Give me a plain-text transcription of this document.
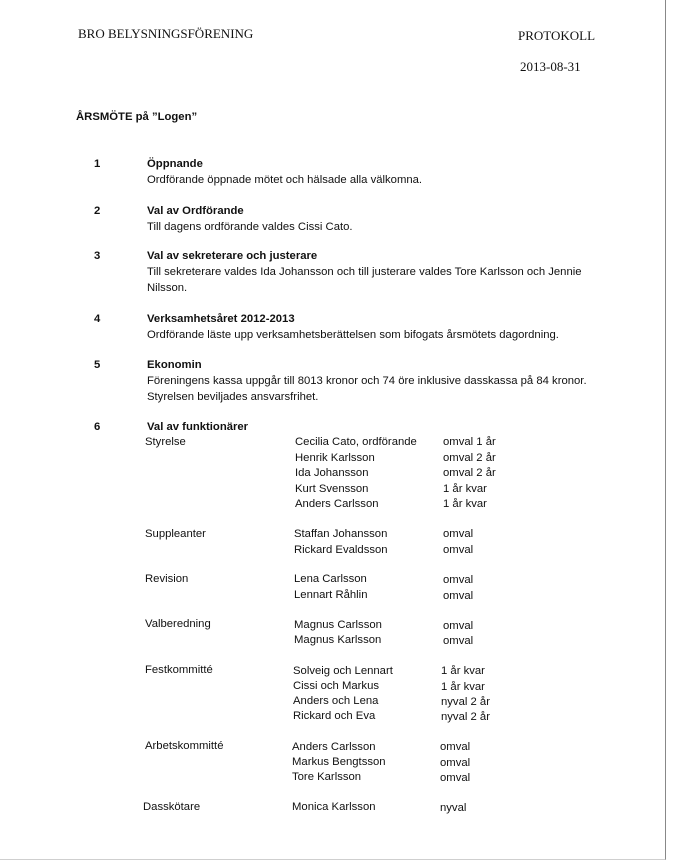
BRO BELYSNINGSFÖRENING	PROTOKOLL
2013-08-31
ÅRSMÖTE på ”Logen”
1	Öppnande
Ordförande öppnade mötet och hälsade alla välkomna.
2	Val av Ordförande
Till dagens ordförande valdes Cissi Cato.
3	Val av sekreterare och justerare
Till sekreterare valdes Ida Johansson och till justerare valdes Tore Karlsson och Jennie
Nilsson.
4	Verksamhetsåret 2012-2013
Ordförande läste upp verksamhetsberättelsen som bifogats årsmötets dagordning.
5	Ekonomin
Föreningens kassa uppgår till 8013 kronor och 74 öre inklusive dasskassa på 84 kronor.
Styrelsen beviljades ansvarsfrihet.
6	Val av funktionärer
Styrelse	Cecilia Cato, ordförande omval 1 år
Henrik Karlsson	omval 2 år
Ida Johansson	omval 2 år
Kurt Svensson	1 år kvar
Anders Carlsson	1 år kvar
Suppleanter	Staffan Johansson	omval
Rickard Evaldsson	omval
Revision	Lena Carlsson	omval
Lennart Råhlin	omval
Valberedning	Magnus Carlsson	omval
Magnus Karlsson	omval
Festkommitté	Solveig och Lennart	1 år kvar
Cissi och Markus	1 år kvar
Anders och Lena	nyval 2 år
Rickard och Eva	nyval 2 år
Arbetskommitté	Anders Carlsson	omval
Markus Bengtsson	omval
Tore Karlsson	omval
Dasskötare	Monica Karlsson	nyval
